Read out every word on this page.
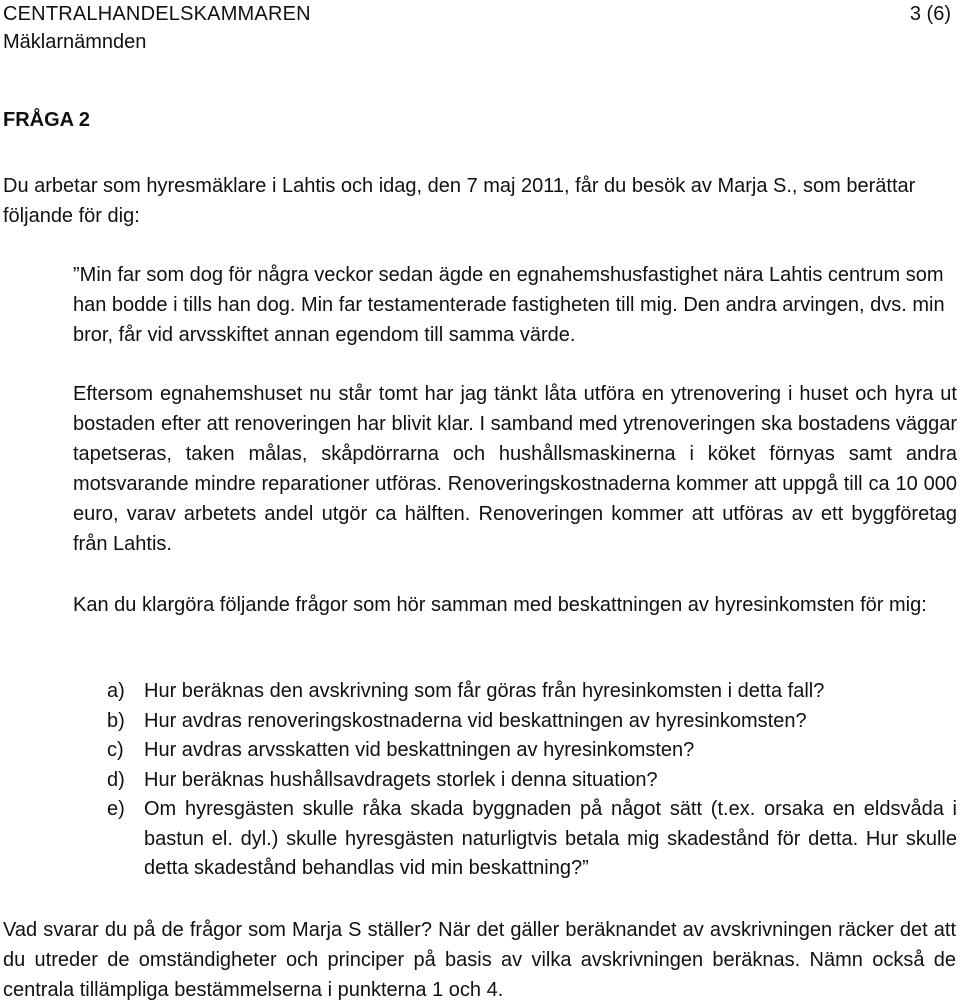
CENTRALHANDELSKAMMAREN
Mäklarnämnden
3 (6)
FRÅGA 2

Du arbetar som hyresmäklare i Lahtis och idag, den 7 maj 2011, får du besök av Marja S., som berättar följande för dig:

”Min far som dog för några veckor sedan ägde en egnahemshusfastighet nära Lahtis centrum som han bodde i tills han dog. Min far testamenterade fastigheten till mig. Den andra arvingen, dvs. min bror, får vid arvsskiftet annan egendom till samma värde.

Eftersom egnahemshuset nu står tomt har jag tänkt låta utföra en ytrenovering i huset och hyra ut bostaden efter att renoveringen har blivit klar. I samband med ytrenoveringen ska bostadens väggar tapetseras, taken målas, skåpdörrarna och hushållsmaskinerna i köket förnyas samt andra motsvarande mindre reparationer utföras. Renoveringskostnaderna kommer att uppgå till ca 10 000 euro, varav arbetets andel utgör ca hälften. Renoveringen kommer att utföras av ett byggföretag från Lahtis.

Kan du klargöra följande frågor som hör samman med beskattningen av hyresinkomsten för mig:

a) Hur beräknas den avskrivning som får göras från hyresinkomsten i detta fall?
b) Hur avdras renoveringskostnaderna vid beskattningen av hyresinkomsten?
c) Hur avdras arvsskatten vid beskattningen av hyresinkomsten?
d) Hur beräknas hushållsavdragets storlek i denna situation?
e) Om hyresgästen skulle råka skada byggnaden på något sätt (t.ex. orsaka en eldsvåda i bastun el. dyl.) skulle hyresgästen naturligtvis betala mig skadestånd för detta. Hur skulle detta skadestånd behandlas vid min beskattning?”

Vad svarar du på de frågor som Marja S ställer? När det gäller beräknandet av avskrivningen räcker det att du utreder de omständigheter och principer på basis av vilka avskrivningen beräknas. Nämn också de centrala tillämpliga bestämmelserna i punkterna 1 och 4.
